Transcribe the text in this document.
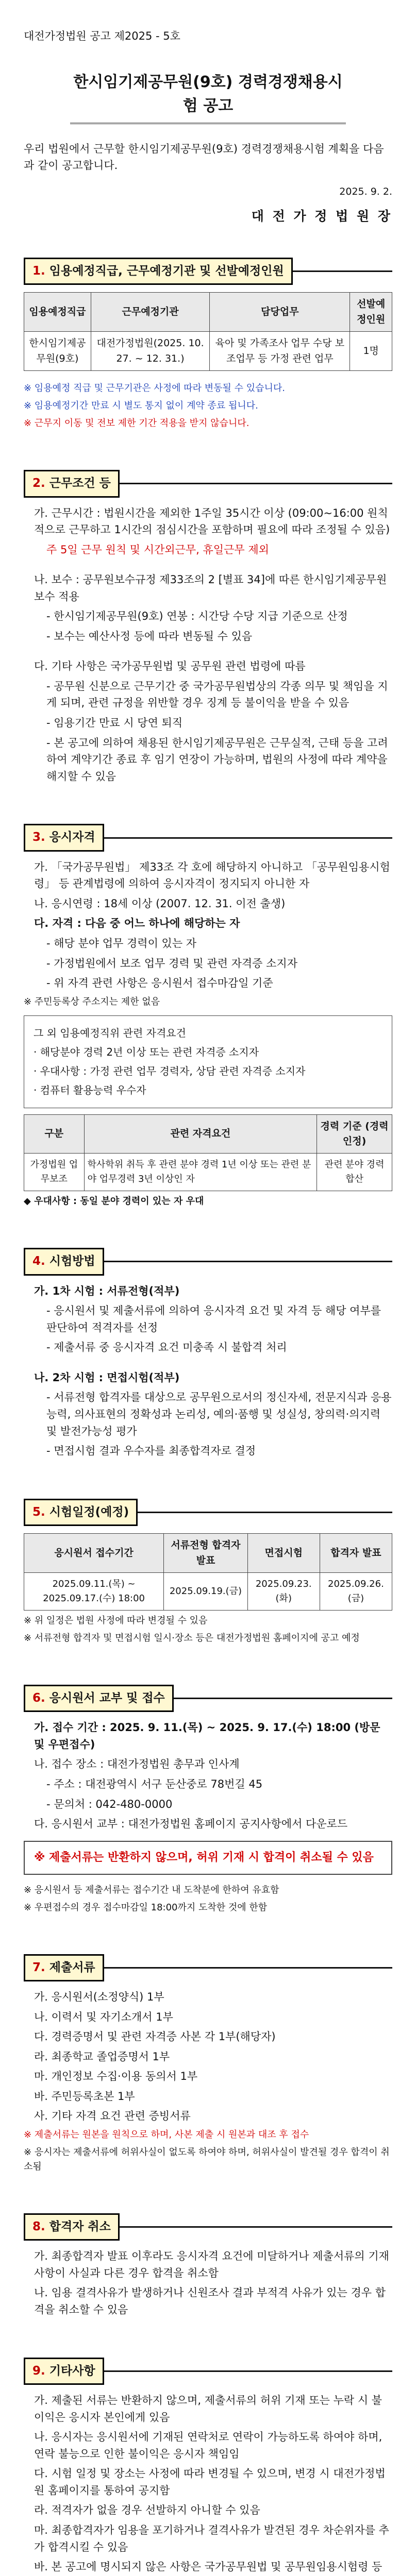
대전가정법원 공고 제2025 - 5호
한시임기제공무원(9호) 경력경쟁채용시험 공고
우리 법원에서 근무할 한시임기제공무원(9호) 경력경쟁채용시험 계획을 다음과 같이 공고합니다.
2025. 9. 2.
대 전 가 정 법 원 장
1. 임용예정직급, 근무예정기관 및 선발예정인원
임용예정직급	근무예정기관	담당업무	선발예정인원
한시임기제공무원(9호)	대전가정법원(2025. 10. 27. ~ 12. 31.)	육아 및 가족조사 업무 수당 보조업무 등 가정 관련 업무	1명
※ 임용예정 직급 및 근무기관은 사정에 따라 변동될 수 있습니다.
※ 임용예정기간 만료 시 별도 통지 없이 계약 종료 됩니다.
※ 근무지 이동 및 전보 제한 기간 적용을 받지 않습니다.
2. 근무조건 등
가. 근무시간 : 법원시간을 제외한 1주일 35시간 이상 (09:00~16:00 원칙적으로 근무하고 1시간의 점심시간을 포함하며 필요에 따라 조정될 수 있음)
주 5일 근무 원칙 및 시간외근무, 휴일근무 제외
나. 보수 : 공무원보수규정 제33조의 2 [별표 34]에 따른 한시임기제공무원 보수 적용
- 한시임기제공무원(9호) 연봉 : 시간당 수당 지급 기준으로 산정
- 보수는 예산사정 등에 따라 변동될 수 있음
다. 기타 사항은 국가공무원법 및 공무원 관련 법령에 따름
- 공무원 신분으로 근무기간 중 국가공무원법상의 각종 의무 및 책임을 지게 되며, 관련 규정을 위반할 경우 징계 등 불이익을 받을 수 있음
- 임용기간 만료 시 당연 퇴직
- 본 공고에 의하여 채용된 한시임기제공무원은 근무실적, 근태 등을 고려하여 계약기간 종료 후 임기 연장이 가능하며, 법원의 사정에 따라 계약을 해지할 수 있음
3. 응시자격
가. 「국가공무원법」 제33조 각 호에 해당하지 아니하고 「공무원임용시험령」 등 관계법령에 의하여 응시자격이 정지되지 아니한 자
나. 응시연령 : 18세 이상 (2007. 12. 31. 이전 출생)
다. 자격 : 다음 중 어느 하나에 해당하는 자
- 해당 분야 업무 경력이 있는 자
- 가정법원에서 보조 업무 경력 및 관련 자격증 소지자
- 위 자격 관련 사항은 응시원서 접수마감일 기준
※ 주민등록상 주소지는 제한 없음
그 외 임용예정직위 관련 자격요건
· 해당분야 경력 2년 이상 또는 관련 자격증 소지자
· 우대사항 : 가정 관련 업무 경력자, 상담 관련 자격증 소지자
· 컴퓨터 활용능력 우수자
구분	관련 자격요건	경력 기준 (경력 인정)
가정법원 업무보조	학사학위 취득 후 관련 분야 경력 1년 이상 또는 관련 분야 업무경력 3년 이상인 자	관련 분야 경력 합산
◆ 우대사항 : 동일 분야 경력이 있는 자 우대
4. 시험방법
가. 1차 시험 : 서류전형(적부)
- 응시원서 및 제출서류에 의하여 응시자격 요건 및 자격 등 해당 여부를 판단하여 적격자를 선정
- 제출서류 중 응시자격 요건 미충족 시 불합격 처리
나. 2차 시험 : 면접시험(적부)
- 서류전형 합격자를 대상으로 공무원으로서의 정신자세, 전문지식과 응용능력, 의사표현의 정확성과 논리성, 예의·품행 및 성실성, 창의력·의지력 및 발전가능성 평가
- 면접시험 결과 우수자를 최종합격자로 결정
5. 시험일정(예정)
응시원서 접수기간	서류전형 합격자 발표	면접시험	합격자 발표
2025.09.11.(목) ~ 2025.09.17.(수) 18:00	2025.09.19.(금)	2025.09.23.(화)	2025.09.26.(금)
※ 위 일정은 법원 사정에 따라 변경될 수 있음
※ 서류전형 합격자 및 면접시험 일시·장소 등은 대전가정법원 홈페이지에 공고 예정
6. 응시원서 교부 및 접수
가. 접수 기간 : 2025. 9. 11.(목) ~ 2025. 9. 17.(수) 18:00 (방문 및 우편접수)
나. 접수 장소 : 대전가정법원 총무과 인사계
- 주소 : 대전광역시 서구 둔산중로 78번길 45
- 문의처 : 042-480-0000
다. 응시원서 교부 : 대전가정법원 홈페이지 공지사항에서 다운로드
※ 제출서류는 반환하지 않으며, 허위 기재 시 합격이 취소될 수 있음
※ 응시원서 등 제출서류는 접수기간 내 도착분에 한하여 유효함
※ 우편접수의 경우 접수마감일 18:00까지 도착한 것에 한함
7. 제출서류
가. 응시원서(소정양식) 1부
나. 이력서 및 자기소개서 1부
다. 경력증명서 및 관련 자격증 사본 각 1부(해당자)
라. 최종학교 졸업증명서 1부
마. 개인정보 수집·이용 동의서 1부
바. 주민등록초본 1부
사. 기타 자격 요건 관련 증빙서류
※ 제출서류는 원본을 원칙으로 하며, 사본 제출 시 원본과 대조 후 접수
※ 응시자는 제출서류에 허위사실이 없도록 하여야 하며, 허위사실이 발견될 경우 합격이 취소됨
8. 합격자 취소
가. 최종합격자 발표 이후라도 응시자격 요건에 미달하거나 제출서류의 기재사항이 사실과 다른 경우 합격을 취소함
나. 임용 결격사유가 발생하거나 신원조사 결과 부적격 사유가 있는 경우 합격을 취소할 수 있음
9. 기타사항
가. 제출된 서류는 반환하지 않으며, 제출서류의 허위 기재 또는 누락 시 불이익은 응시자 본인에게 있음
나. 응시자는 응시원서에 기재된 연락처로 연락이 가능하도록 하여야 하며, 연락 불능으로 인한 불이익은 응시자 책임임
다. 시험 일정 및 장소는 사정에 따라 변경될 수 있으며, 변경 시 대전가정법원 홈페이지를 통하여 공지함
라. 적격자가 없을 경우 선발하지 아니할 수 있음
마. 최종합격자가 임용을 포기하거나 결격사유가 발견된 경우 차순위자를 추가 합격시킬 수 있음
바. 본 공고에 명시되지 않은 사항은 국가공무원법 및 공무원임용시험령 등
